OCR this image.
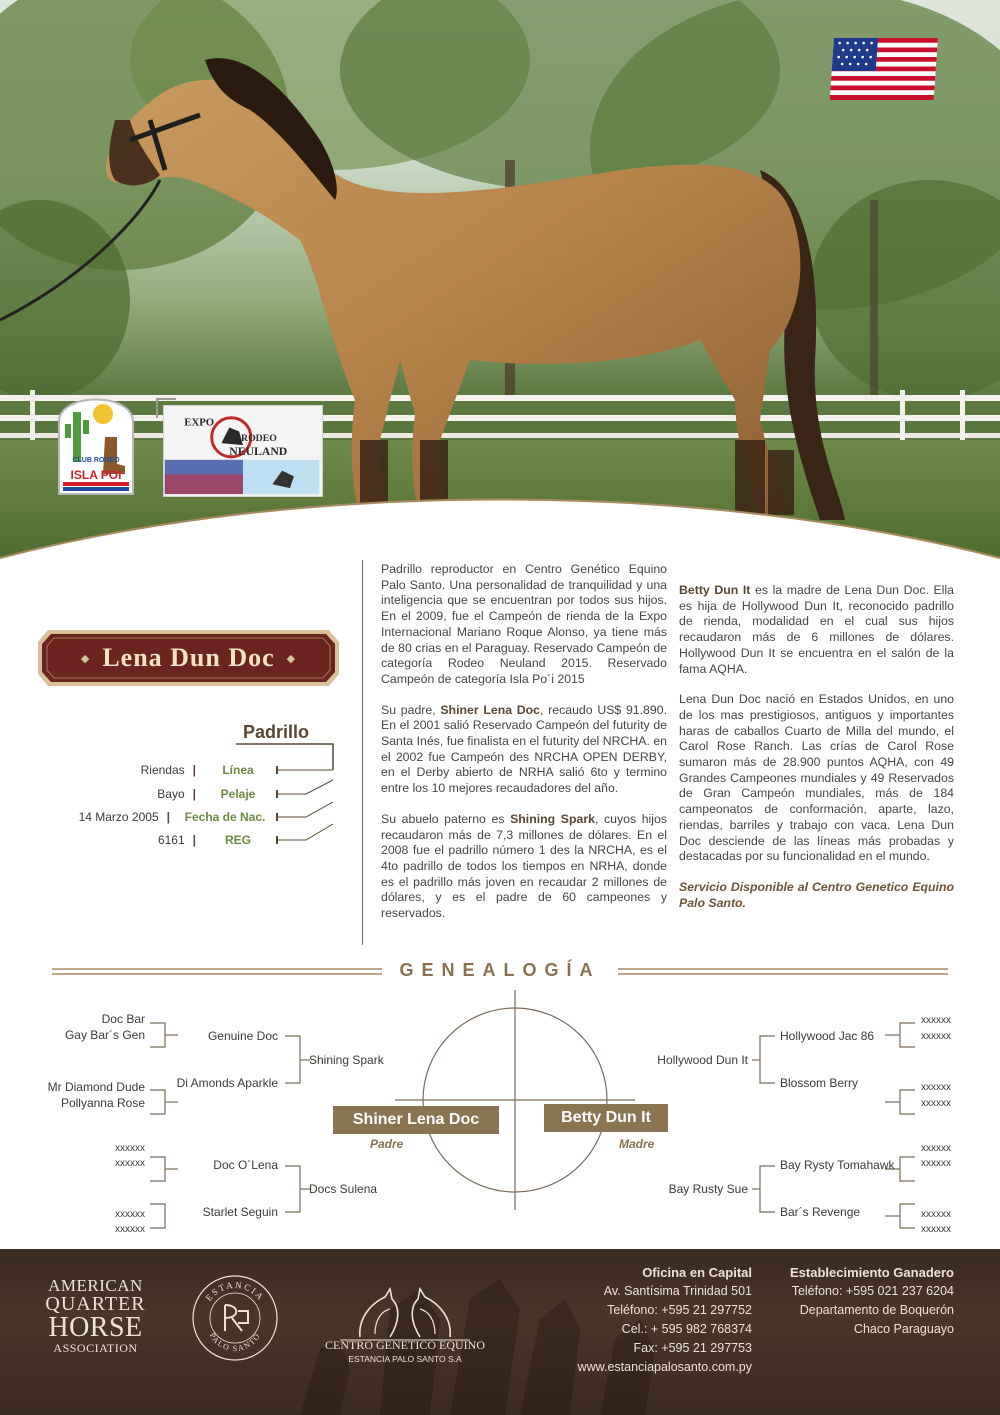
CLUB RODEO
ISLA POI
EXPO
RODEO
NEULAND
◆ Lena Dun Doc ◆
Padrillo
Riendas |	Línea
Bayo |	Pelaje
14 Marzo 2005 |	Fecha de Nac.
6161 |	REG

Padrillo reproductor en Centro Genético Equino Palo Santo. Una personalidad de tranquilidad y una inteligencia que se encuentran por todos sus hijos. En el 2009, fue el Campeón de rienda de la Expo Internacional Mariano Roque Alonso, ya tiene más de 80 crias en el Paraguay. Reservado Campeón de categoría Rodeo Neuland 2015. Reservado Campeón de categoría Isla Po´i 2015

Su padre, Shiner Lena Doc, recaudo US$ 91.890. En el 2001 salió Reservado Campeón del futurity de Santa Inés, fue finalista en el futurity del NRCHA. en el 2002 fue Campeón des NRCHA OPEN DERBY, en el Derby abierto de NRHA salió 6to y termino entre los 10 mejores recaudadores del año.

Su abuelo paterno es Shining Spark, cuyos hijos recaudaron más de 7,3 millones de dólares. En el 2008 fue el padrillo número 1 des la NRCHA, es el 4to padrillo de todos los tiempos en NRHA, donde es el padrillo más joven en recaudar 2 millones de dólares, y es el padre de 60 campeones y reservados.

Betty Dun It es la madre de Lena Dun Doc. Ella es hija de Hollywood Dun It, reconocido padrillo de rienda, modalidad en el cual sus hijos recaudaron más de 6 millones de dólares. Hollywood Dun It se encuentra en el salón de la fama AQHA.

Lena Dun Doc nació en Estados Unidos, en uno de los mas prestigiosos, antiguos y importantes haras de caballos Cuarto de Milla del mundo, el Carol Rose Ranch. Las crías de Carol Rose sumaron más de 28.900 puntos AQHA, con 49 Grandes Campeones mundiales y 49 Reservados de Gran Campeón mundiales, más de 184 campeonatos de conformación, aparte, lazo, riendas, barriles y trabajo con vaca. Lena Dun Doc desciende de las líneas más probadas y destacadas por su funcionalidad en el mundo.

Servicio Disponible al Centro Genetico Equino Palo Santo.

GENEALOGÍA
Doc Bar
Gay Bar´s Gen
Mr Diamond Dude
Pollyanna Rose
xxxxxx
xxxxxx
xxxxxx
xxxxxx
Genuine Doc
Di Amonds Aparkle
Doc O´Lena
Starlet Seguin
Shining Spark
Docs Sulena
Hollywood Dun It
Bay Rusty Sue
Hollywood Jac 86
Blossom Berry
Bay Rysty Tomahawk
Bar´s Revenge
xxxxxx
xxxxxx
xxxxxx
xxxxxx
xxxxxx
xxxxxx
xxxxxx
xxxxxx
Shiner Lena Doc
Padre
Betty Dun It
Madre
AMERICAN
QUARTER
HORSE
ASSOCIATION
ESTANCIA
PALO SANTO
CENTRO GENETICO EQUINO
ESTANCIA PALO SANTO S.A
Oficina en Capital
Av. Santísima Trinidad 501
Teléfono: +595 21 297752
Cel.: + 595 982 768374
Fax: +595 21 297753
www.estanciapalosanto.com.py
Establecimiento Ganadero
Teléfono: +595 021 237 6204
Departamento de Boquerón
Chaco Paraguayo
